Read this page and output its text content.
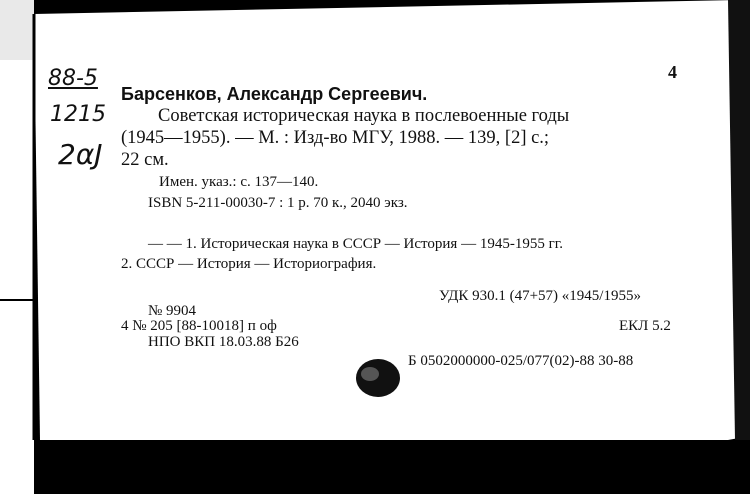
88-5
1215
2αJ
4
Барсенков, Александр Сергеевич.
Советская историческая наука в послевоенные годы
(1945—1955). — М. : Изд-во МГУ, 1988. — 139, [2] с.;
22 см.
Имен. указ.: с. 137—140.
ISBN 5-211-00030-7 : 1 р. 70 к., 2040 экз.
— — 1. Историческая наука в СССР — История — 1945-1955 гг.
2. СССР — История — Историография.
УДК 930.1 (47+57) «1945/1955»
№ 9904
4 № 205 [88-10018] п оф	ЕКЛ 5.2
НПО ВКП 18.03.88 Б26
Б 0502000000-025/077(02)-88 30-88
